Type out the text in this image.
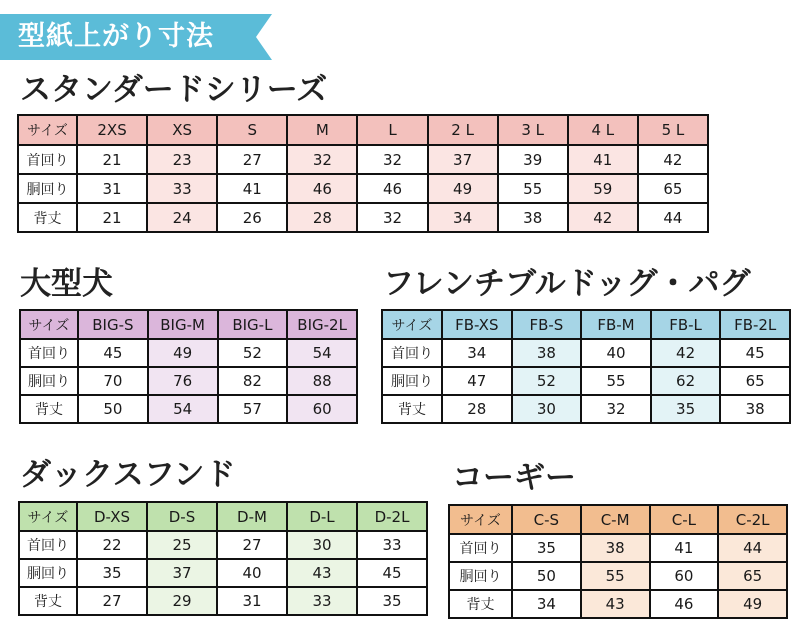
型紙上がり寸法
スタンダードシリーズ
サイズ	2XS	XS	S	M	L	2 L	3 L	4 L	5 L
首回り	21	23	27	32	32	37	39	41	42
胴回り	31	33	41	46	46	49	55	59	65
背丈	21	24	26	28	32	34	38	42	44
大型犬
サイズ	BIG-S	BIG-M	BIG-L	BIG-2L
首回り	45	49	52	54
胴回り	70	76	82	88
背丈	50	54	57	60
フレンチブルドッグ・パグ
サイズ	FB-XS	FB-S	FB-M	FB-L	FB-2L
首回り	34	38	40	42	45
胴回り	47	52	55	62	65
背丈	28	30	32	35	38
ダックスフンド
サイズ	D-XS	D-S	D-M	D-L	D-2L
首回り	22	25	27	30	33
胴回り	35	37	40	43	45
背丈	27	29	31	33	35
コーギー
サイズ	C-S	C-M	C-L	C-2L
首回り	35	38	41	44
胴回り	50	55	60	65
背丈	34	43	46	49
